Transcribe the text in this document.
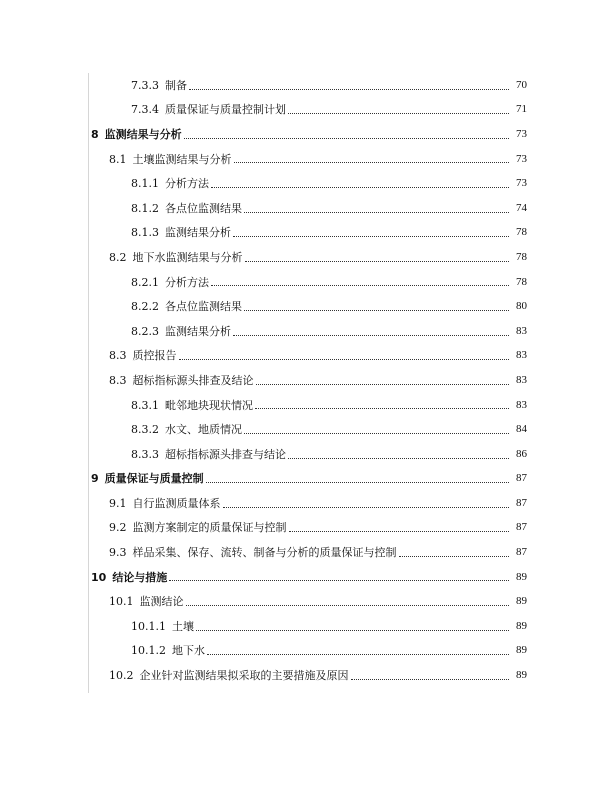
7.3.3 制备	70
7.3.4 质量保证与质量控制计划	71
8 监测结果与分析	73
8.1 土壤监测结果与分析	73
8.1.1 分析方法	73
8.1.2 各点位监测结果	74
8.1.3 监测结果分析	78
8.2 地下水监测结果与分析	78
8.2.1 分析方法	78
8.2.2 各点位监测结果	80
8.2.3 监测结果分析	83
8.3 质控报告	83
8.3 超标指标源头排查及结论	83
8.3.1 毗邻地块现状情况	83
8.3.2 水文、地质情况	84
8.3.3 超标指标源头排查与结论	86
9 质量保证与质量控制	87
9.1 自行监测质量体系	87
9.2 监测方案制定的质量保证与控制	87
9.3 样品采集、保存、流转、制备与分析的质量保证与控制	87
10 结论与措施	89
10.1 监测结论	89
10.1.1 土壤	89
10.1.2 地下水	89
10.2 企业针对监测结果拟采取的主要措施及原因	89
